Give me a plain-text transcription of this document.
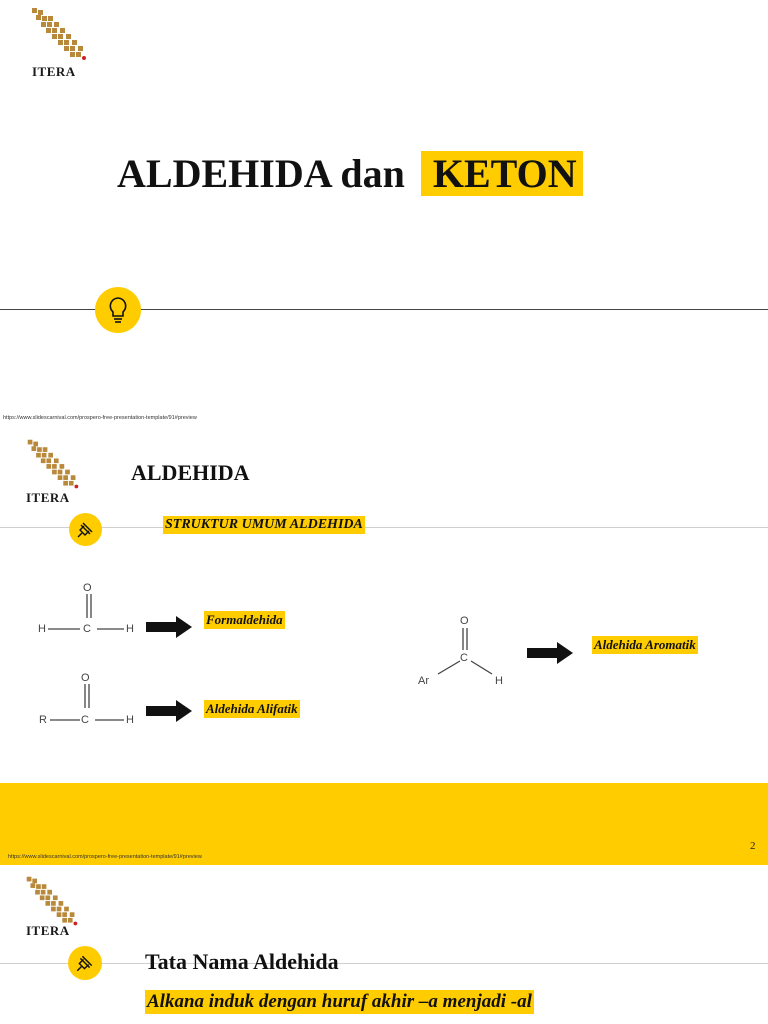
ITERA
ALDEHIDA dan KETON
https://www.slidescarnival.com/prospero-free-presentation-template/91#preview
ITERA
ALDEHIDA
STRUKTUR UMUM ALDEHIDA
O
H	C	H
Formaldehida
O
R	C	H
Aldehida Alifatik
O
C
Ar	H
Aldehida Aromatik
2
https://www.slidescarnival.com/prospero-free-presentation-template/91#preview
ITERA
Tata Nama Aldehida
Alkana induk dengan huruf akhir –a menjadi -al
